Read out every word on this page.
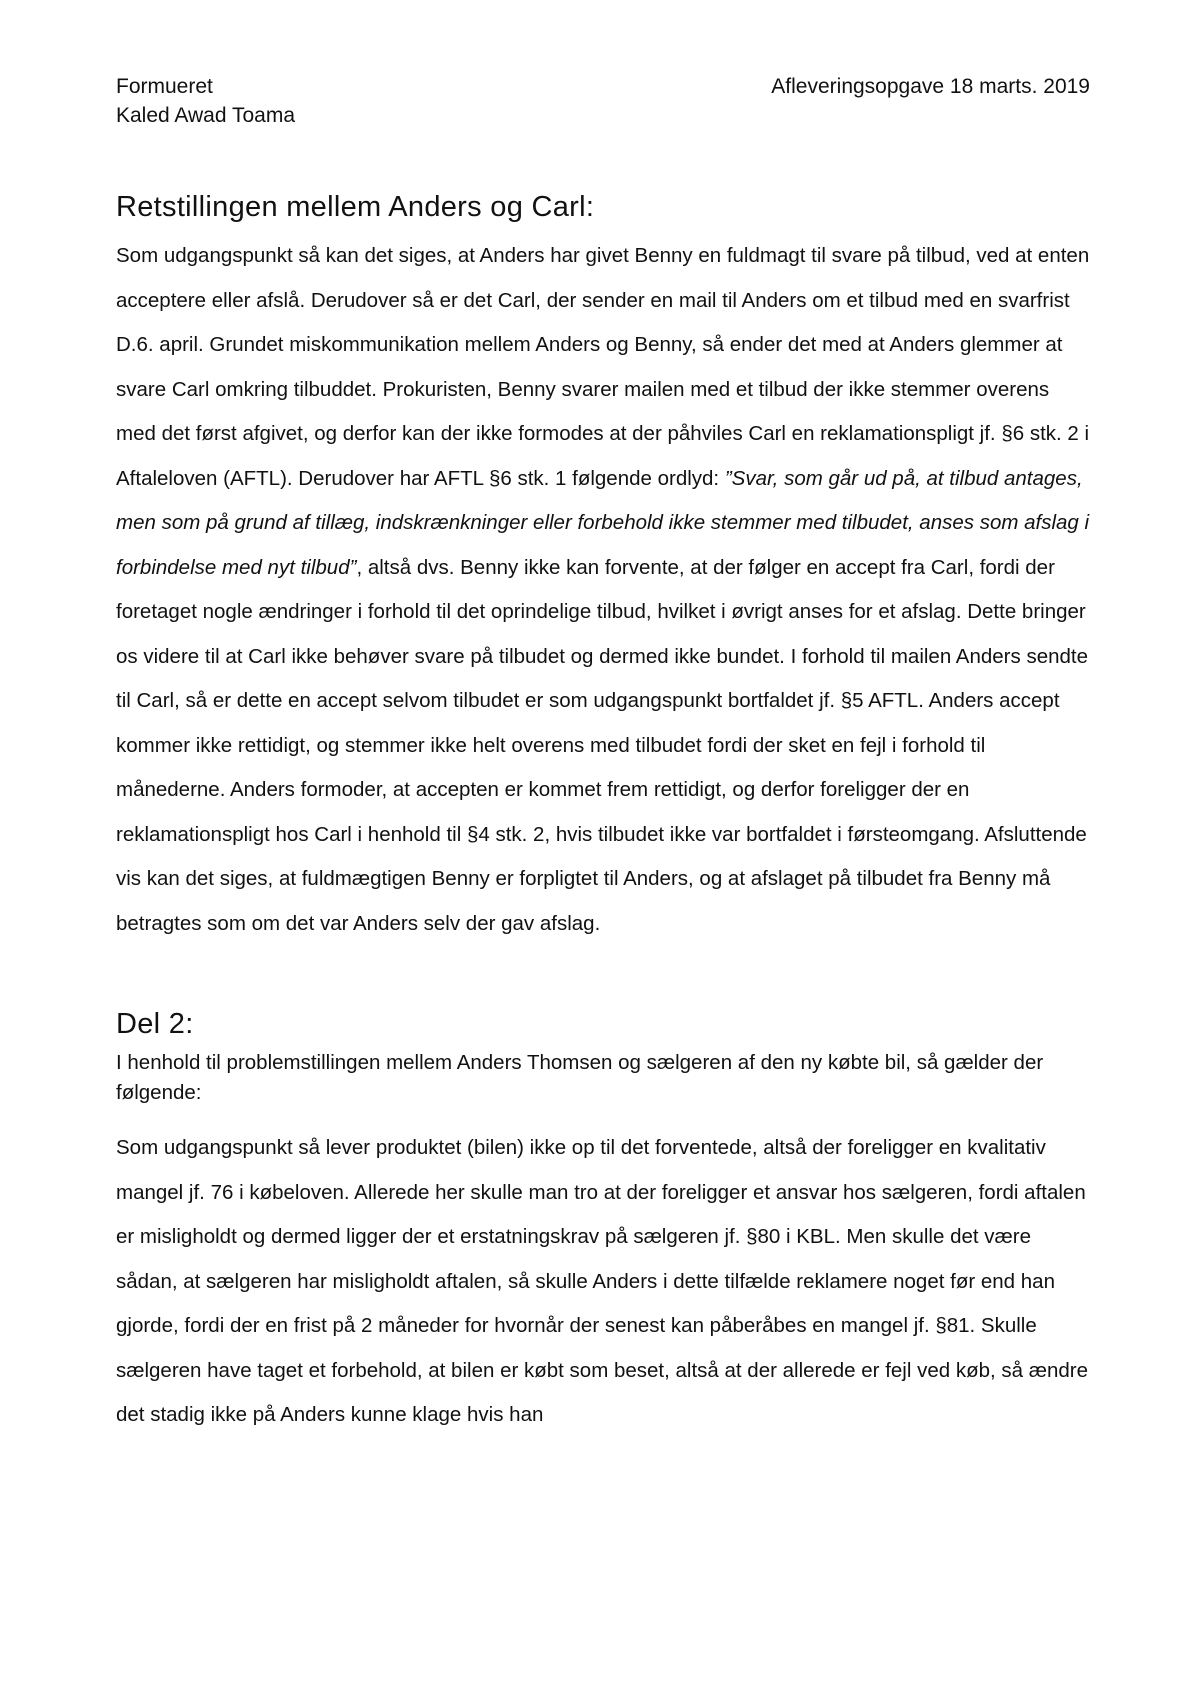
Formueret
Kaled Awad Toama
Afleveringsopgave 18 marts. 2019
Retstillingen mellem Anders og Carl:

Som udgangspunkt så kan det siges, at Anders har givet Benny en fuldmagt til svare på tilbud, ved at enten acceptere eller afslå. Derudover så er det Carl, der sender en mail til Anders om et tilbud med en svarfrist D.6. april. Grundet miskommunikation mellem Anders og Benny, så ender det med at Anders glemmer at svare Carl omkring tilbuddet. Prokuristen, Benny svarer mailen med et tilbud der ikke stemmer overens med det først afgivet, og derfor kan der ikke formodes at der påhviles Carl en reklamationspligt jf. §6 stk. 2 i Aftaleloven (AFTL). Derudover har AFTL §6 stk. 1 følgende ordlyd: ”Svar, som går ud på, at tilbud antages, men som på grund af tillæg, indskrænkninger eller forbehold ikke stemmer med tilbudet, anses som afslag i forbindelse med nyt tilbud”, altså dvs. Benny ikke kan forvente, at der følger en accept fra Carl, fordi der foretaget nogle ændringer i forhold til det oprindelige tilbud, hvilket i øvrigt anses for et afslag. Dette bringer os videre til at Carl ikke behøver svare på tilbudet og dermed ikke bundet. I forhold til mailen Anders sendte til Carl, så er dette en accept selvom tilbudet er som udgangspunkt bortfaldet jf. §5 AFTL. Anders accept kommer ikke rettidigt, og stemmer ikke helt overens med tilbudet fordi der sket en fejl i forhold til månederne. Anders formoder, at accepten er kommet frem rettidigt, og derfor foreligger der en reklamationspligt hos Carl i henhold til §4 stk. 2, hvis tilbudet ikke var bortfaldet i førsteomgang. Afsluttende vis kan det siges, at fuldmægtigen Benny er forpligtet til Anders, og at afslaget på tilbudet fra Benny må betragtes som om det var Anders selv der gav afslag.

Del 2:

I henhold til problemstillingen mellem Anders Thomsen og sælgeren af den ny købte bil, så gælder der følgende:

Som udgangspunkt så lever produktet (bilen) ikke op til det forventede, altså der foreligger en kvalitativ mangel jf. 76 i købeloven. Allerede her skulle man tro at der foreligger et ansvar hos sælgeren, fordi aftalen er misligholdt og dermed ligger der et erstatningskrav på sælgeren jf. §80 i KBL. Men skulle det være sådan, at sælgeren har misligholdt aftalen, så skulle Anders i dette tilfælde reklamere noget før end han gjorde, fordi der en frist på 2 måneder for hvornår der senest kan påberåbes en mangel jf. §81. Skulle sælgeren have taget et forbehold, at bilen er købt som beset, altså at der allerede er fejl ved køb, så ændre det stadig ikke på Anders kunne klage hvis han
